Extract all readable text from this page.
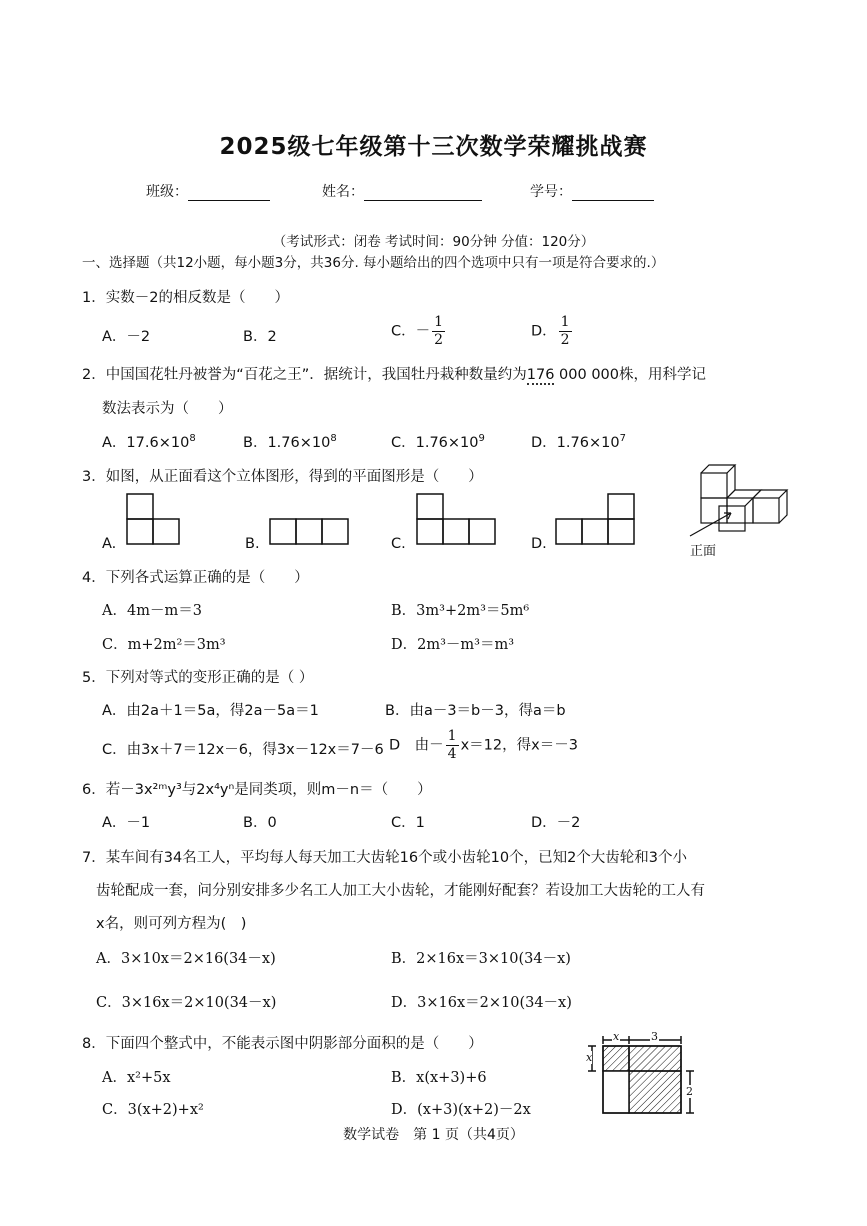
2025级七年级第十三次数学荣耀挑战赛
班级：	姓名：	学号：
（考试形式：闭卷 考试时间：90分钟 分值：120分）
一、选择题（共12小题，每小题3分，共36分. 每小题给出的四个选项中只有一项是符合要求的.）
1．实数－2的相反数是（　　）
A．－2	B．2	C．－ $\frac{1}{2}$	D． $\frac{1}{2}$
2．中国国花牡丹被誉为“百花之王”．据统计，我国牡丹栽种数量约为176 000 000株，用科学记
数法表示为（　　）
A．$17.6\times 10^8$	B．$1.76\times 10^8$	C．$1.76\times 10^9$	D．$1.76\times 10^7$
3．如图，从正面看这个立体图形，得到的平面图形是（　　）
A.	B.	C.	D.	正面
x	3
x
2
4．下列各式运算正确的是（　　）
A．4m－m＝3	B．3m³+2m³＝5m⁶
C．m+2m²＝3m³	D．2m³－m³＝m³
5．下列对等式的变形正确的是（ ）
A．由2a＋1＝5a，得2a－5a＝1	B．由a－3＝b－3，得a＝b
C．由3x＋7＝12x－6，得3x－12x＝7－6 D　由－ $\frac{1}{4} x=12$，得x＝－3
6．若－3x²ᵐy³与2x⁴yⁿ是同类项，则m－n＝（　　）
A．－1	B．0	C．1	D．－2
7．某车间有34名工人，平均每人每天加工大齿轮16个或小齿轮10个，已知2个大齿轮和3个小
齿轮配成一套，问分别安排多少名工人加工大小齿轮，才能刚好配套？若设加工大齿轮的工人有
x名，则可列方程为(　)
A．3×10x＝2×16(34－x)	B．2×16x＝3×10(34－x)
C．3×16x＝2×10(34－x)	D．3×16x＝2×10(34－x)
8．下面四个整式中，不能表示图中阴影部分面积的是（　　）
A．x²+5x	B．x(x+3)+6
C．3(x+2)+x²	D．(x+3)(x+2)－2x
数学试卷　第 1 页（共4页）
